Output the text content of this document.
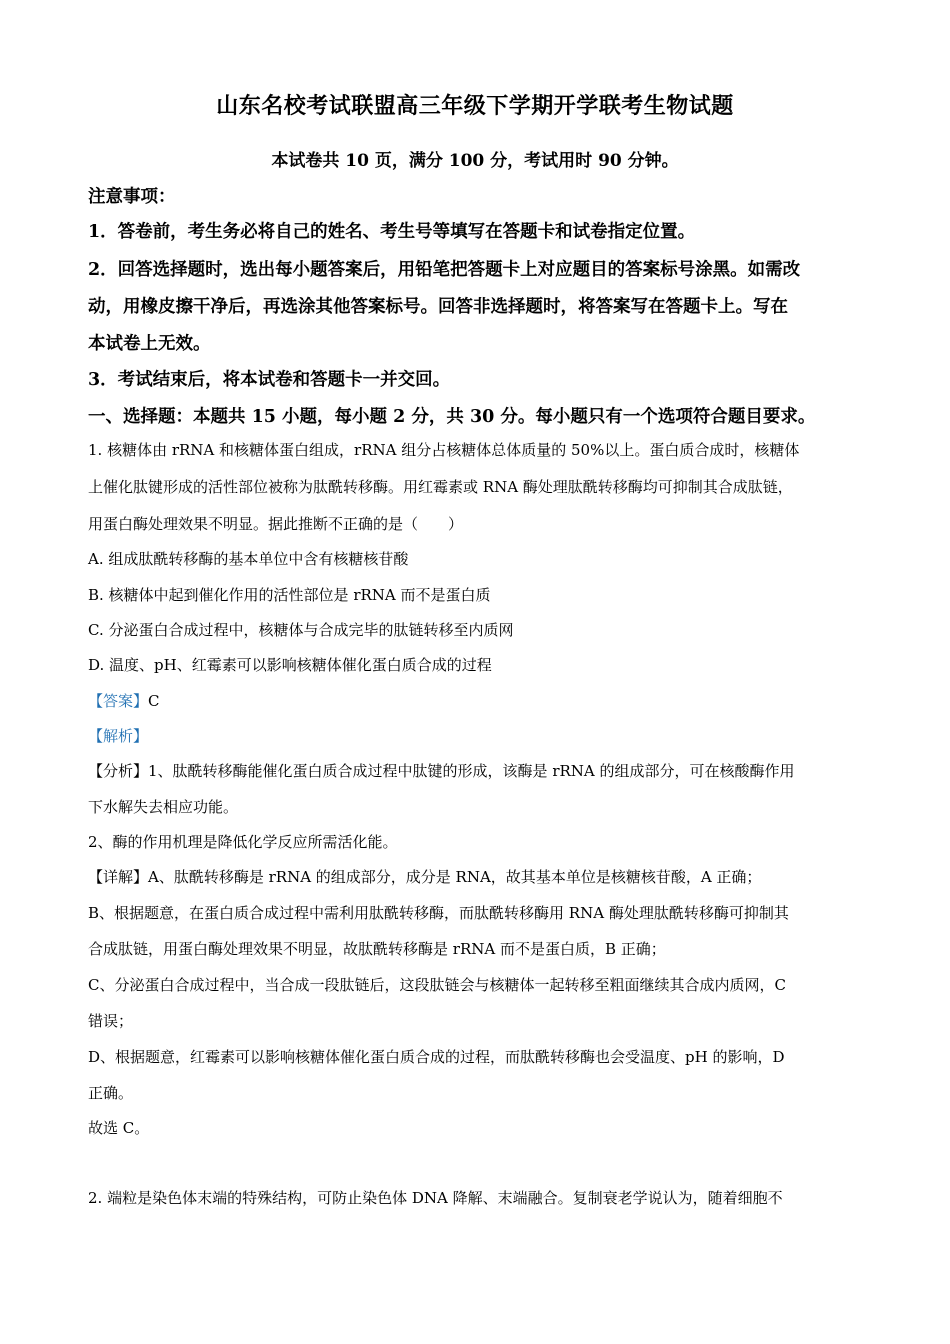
山东名校考试联盟高三年级下学期开学联考生物试题
本试卷共 10 页，满分 100 分，考试用时 90 分钟。
注意事项：
1．答卷前，考生务必将自己的姓名、考生号等填写在答题卡和试卷指定位置。
2．回答选择题时，选出每小题答案后，用铅笔把答题卡上对应题目的答案标号涂黑。如需改
动，用橡皮擦干净后，再选涂其他答案标号。回答非选择题时，将答案写在答题卡上。写在
本试卷上无效。
3．考试结束后，将本试卷和答题卡一并交回。
一、选择题：本题共 15 小题，每小题 2 分，共 30 分。每小题只有一个选项符合题目要求。
1. 核糖体由 rRNA 和核糖体蛋白组成，rRNA 组分占核糖体总体质量的 50%以上。蛋白质合成时，核糖体
上催化肽键形成的活性部位被称为肽酰转移酶。用红霉素或 RNA 酶处理肽酰转移酶均可抑制其合成肽链，
用蛋白酶处理效果不明显。据此推断不正确的是（　　）
A. 组成肽酰转移酶的基本单位中含有核糖核苷酸
B. 核糖体中起到催化作用的活性部位是 rRNA 而不是蛋白质
C. 分泌蛋白合成过程中，核糖体与合成完毕的肽链转移至内质网
D. 温度、pH、红霉素可以影响核糖体催化蛋白质合成的过程
【答案】C
【解析】
【分析】1、肽酰转移酶能催化蛋白质合成过程中肽键的形成，该酶是 rRNA 的组成部分，可在核酸酶作用
下水解失去相应功能。
2、酶的作用机理是降低化学反应所需活化能。
【详解】A、肽酰转移酶是 rRNA 的组成部分，成分是 RNA，故其基本单位是核糖核苷酸，A 正确；
B、根据题意，在蛋白质合成过程中需利用肽酰转移酶，而肽酰转移酶用 RNA 酶处理肽酰转移酶可抑制其
合成肽链，用蛋白酶处理效果不明显，故肽酰转移酶是 rRNA 而不是蛋白质，B 正确；
C、分泌蛋白合成过程中，当合成一段肽链后，这段肽链会与核糖体一起转移至粗面继续其合成内质网，C
错误；
D、根据题意，红霉素可以影响核糖体催化蛋白质合成的过程，而肽酰转移酶也会受温度、pH 的影响，D
正确。
故选 C。
2. 端粒是染色体末端的特殊结构，可防止染色体 DNA 降解、末端融合。复制衰老学说认为，随着细胞不
